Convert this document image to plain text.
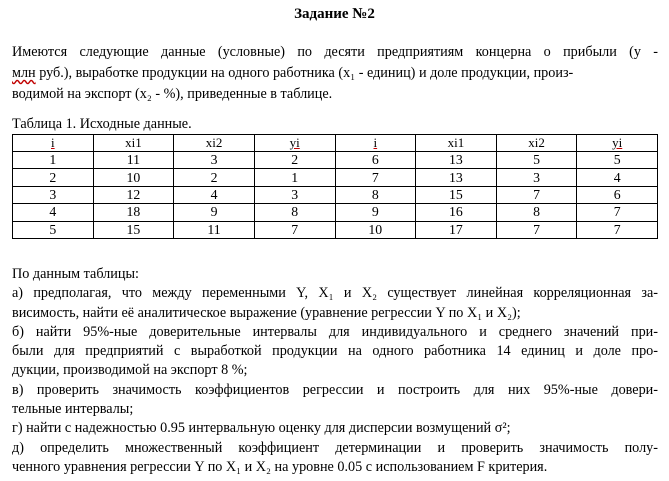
Задание №2
Имеются следующие данные (условные) по десяти предприятиям концерна о прибыли (у -
млн руб.), выработке продукции на одного работника (х₁ - единиц) и доле продукции, произ-
водимой на экспорт (х₂ - %), приведенные в таблице.
Таблица 1. Исходные данные.
i	xi1	xi2	yi	i	xi1	xi2	yi
1	11	3	2	6	13	5	5
2	10	2	1	7	13	3	4
3	12	4	3	8	15	7	6
4	18	9	8	9	16	8	7
5	15	11	7	10	17	7	7
По данным таблицы:
а) предполагая, что между переменными Y, X₁ и X₂ существует линейная корреляционная за-
висимость, найти её аналитическое выражение (уравнение регрессии Y по X₁ и X₂);
б) найти 95%-ные доверительные интервалы для индивидуального и среднего значений при-
были для предприятий с выработкой продукции на одного работника 14 единиц и доле про-
дукции, производимой на экспорт 8 %;
в) проверить значимость коэффициентов регрессии и построить для них 95%-ные довери-
тельные интервалы;
г) найти с надежностью 0.95 интервальную оценку для дисперсии возмущений σ²;
д) определить множественный коэффициент детерминации и проверить значимость полу-
ченного уравнения регрессии Y по X₁ и X₂ на уровне 0.05 с использованием F критерия.
